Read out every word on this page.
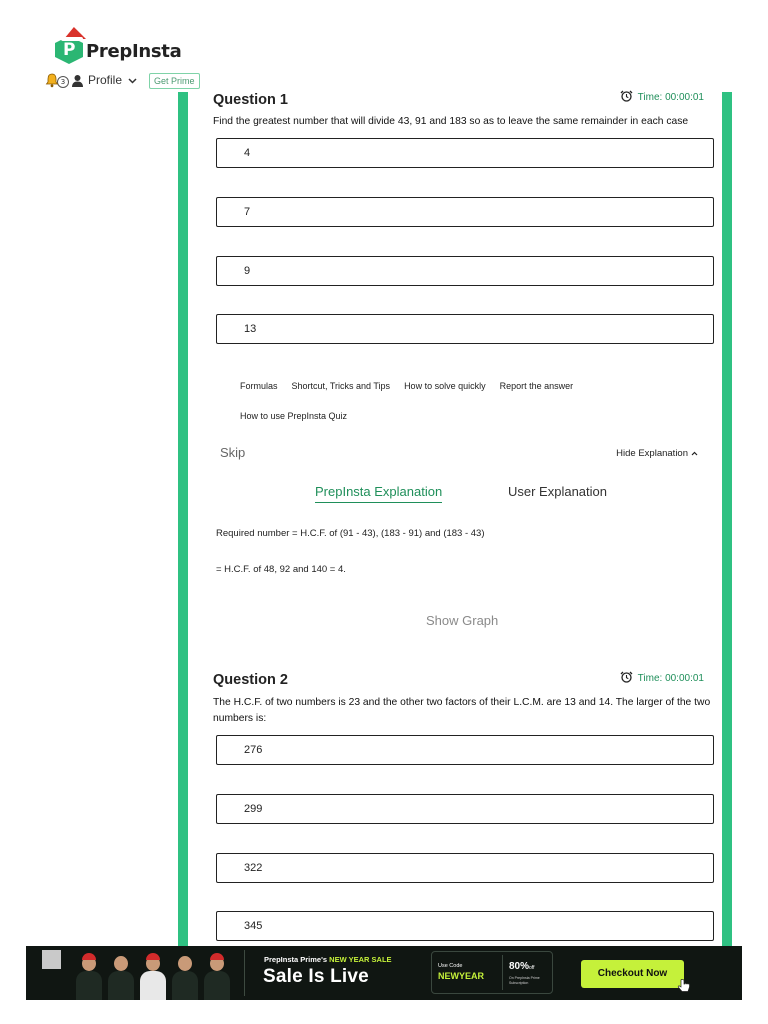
P
PrepInsta
3	Profile	Get Prime
Question 1	Time: 00:00:01
Find the greatest number that will divide 43, 91 and 183 so as to leave the same remainder in each case
4
7
9
13
Formulas Shortcut, Tricks and Tips How to solve quickly Report the answer
How to use PrepInsta Quiz
Skip	Hide Explanation
PrepInsta Explanation	User Explanation
Required number = H.C.F. of (91 - 43), (183 - 91) and (183 - 43)
= H.C.F. of 48, 92 and 140 = 4.
Show Graph
Question 2	Time: 00:00:01
The H.C.F. of two numbers is 23 and the other two factors of their L.C.M. are 13 and 14. The larger of the two numbers is:
276
299
322
345
PrepInsta Prime's NEW YEAR SALE
Sale Is Live	Use Code
NEWYEAR
80%off
On PrepInsta Prime Subscription
Checkout Now
